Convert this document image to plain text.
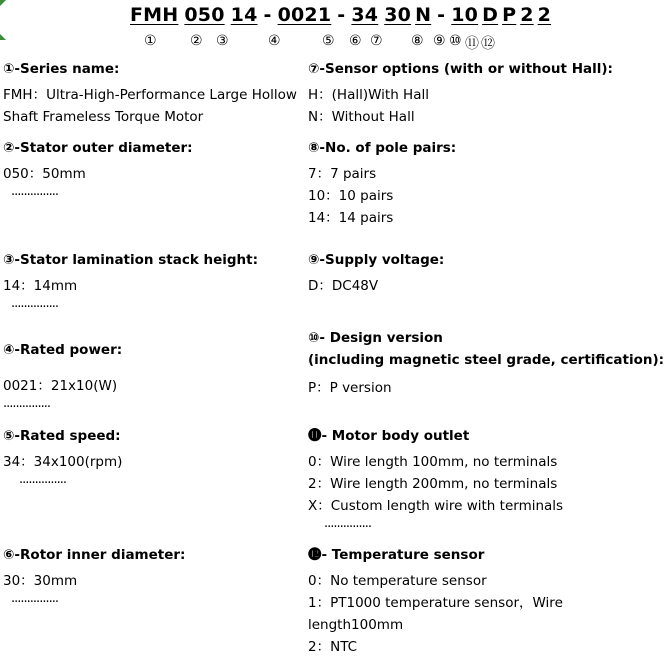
FMH 050 14 - 0021 - 34 30 N - 10 D P 2 2
① ② ③	④	⑤ ⑥ ⑦ ⑧ ⑨ ⑩ ⑪ ⑫
①-Series name:
FMH：Ultra-High-Performance Large Hollow
Shaft Frameless Torque Motor
②-Stator outer diameter:
050：50mm
...............
③-Stator lamination stack height:
14：14mm
...............
④-Rated power:
0021：21x10(W)
...............
⑤-Rated speed:
34：34x100(rpm)
...............
⑥-Rotor inner diameter:
30：30mm
...............
⑦-Sensor options (with or without Hall):
H：(Hall)With Hall
N：Without Hall
⑧-No. of pole pairs:
7：7 pairs
10：10 pairs
14：14 pairs
⑨-Supply voltage:
D：DC48V
⑩- Design version
(including magnetic steel grade, certification):
P：P version
⓫- Motor body outlet
0：Wire length 100mm, no terminals
2：Wire length 200mm, no terminals
X：Custom length wire with terminals
...............
⓬- Temperature sensor
0：No temperature sensor
1：PT1000 temperature sensor，Wire
length100mm
2：NTC
